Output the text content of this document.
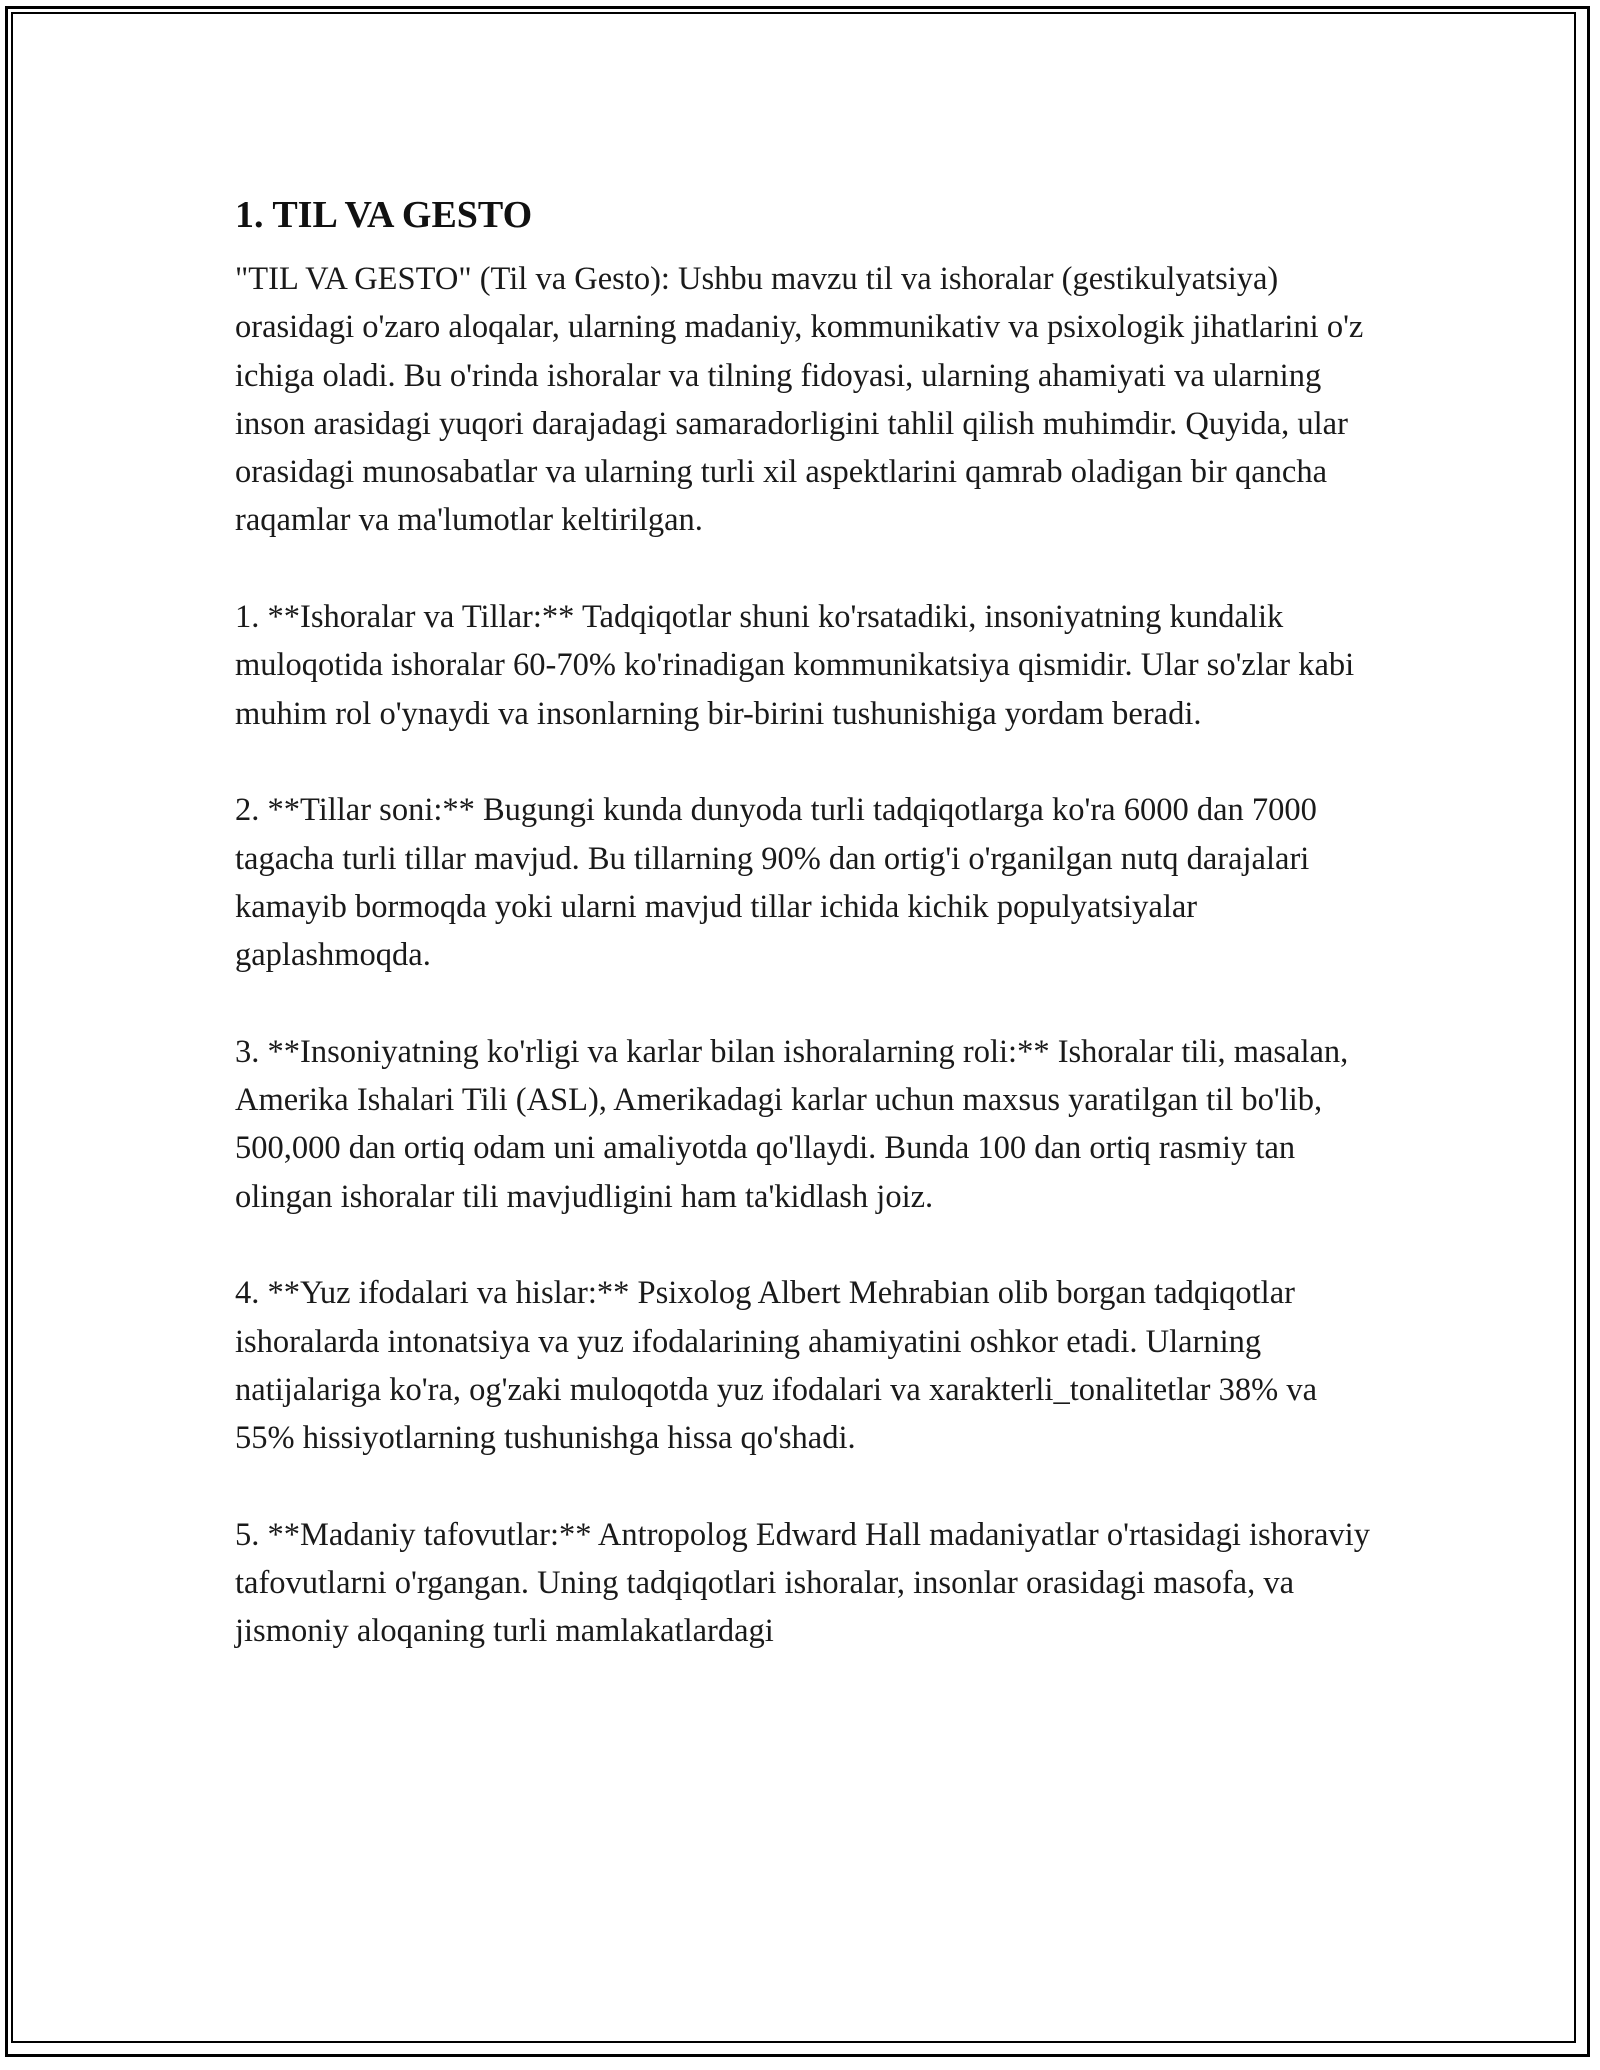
1. TIL VA GESTO

"TIL VA GESTO" (Til va Gesto): Ushbu mavzu til va ishoralar (gestikulyatsiya) orasidagi o'zaro aloqalar, ularning madaniy, kommunikativ va psixologik jihatlarini o'z ichiga oladi. Bu o'rinda ishoralar va tilning fidoyasi, ularning ahamiyati va ularning inson arasidagi yuqori darajadagi samaradorligini tahlil qilish muhimdir. Quyida, ular orasidagi munosabatlar va ularning turli xil aspektlarini qamrab oladigan bir qancha raqamlar va ma'lumotlar keltirilgan.

1. **Ishoralar va Tillar:** Tadqiqotlar shuni ko'rsatadiki, insoniyatning kundalik muloqotida ishoralar 60-70% ko'rinadigan kommunikatsiya qismidir. Ular so'zlar kabi muhim rol o'ynaydi va insonlarning bir-birini tushunishiga yordam beradi.

2. **Tillar soni:** Bugungi kunda dunyoda turli tadqiqotlarga ko'ra 6000 dan 7000 tagacha turli tillar mavjud. Bu tillarning 90% dan ortig'i o'rganilgan nutq darajalari kamayib bormoqda yoki ularni mavjud tillar ichida kichik populyatsiyalar gaplashmoqda.

3. **Insoniyatning ko'rligi va karlar bilan ishoralarning roli:** Ishoralar tili, masalan, Amerika Ishalari Tili (ASL), Amerikadagi karlar uchun maxsus yaratilgan til bo'lib, 500,000 dan ortiq odam uni amaliyotda qo'llaydi. Bunda 100 dan ortiq rasmiy tan olingan ishoralar tili mavjudligini ham ta'kidlash joiz.

4. **Yuz ifodalari va hislar:** Psixolog Albert Mehrabian olib borgan tadqiqotlar ishoralarda intonatsiya va yuz ifodalarining ahamiyatini oshkor etadi. Ularning natijalariga ko'ra, og'zaki muloqotda yuz ifodalari va xarakterli_tonalitetlar 38% va 55% hissiyotlarning tushunishga hissa qo'shadi.

5. **Madaniy tafovutlar:** Antropolog Edward Hall madaniyatlar o'rtasidagi ishoraviy tafovutlarni o'rgangan. Uning tadqiqotlari ishoralar, insonlar orasidagi masofa, va jismoniy aloqaning turli mamlakatlardagi
